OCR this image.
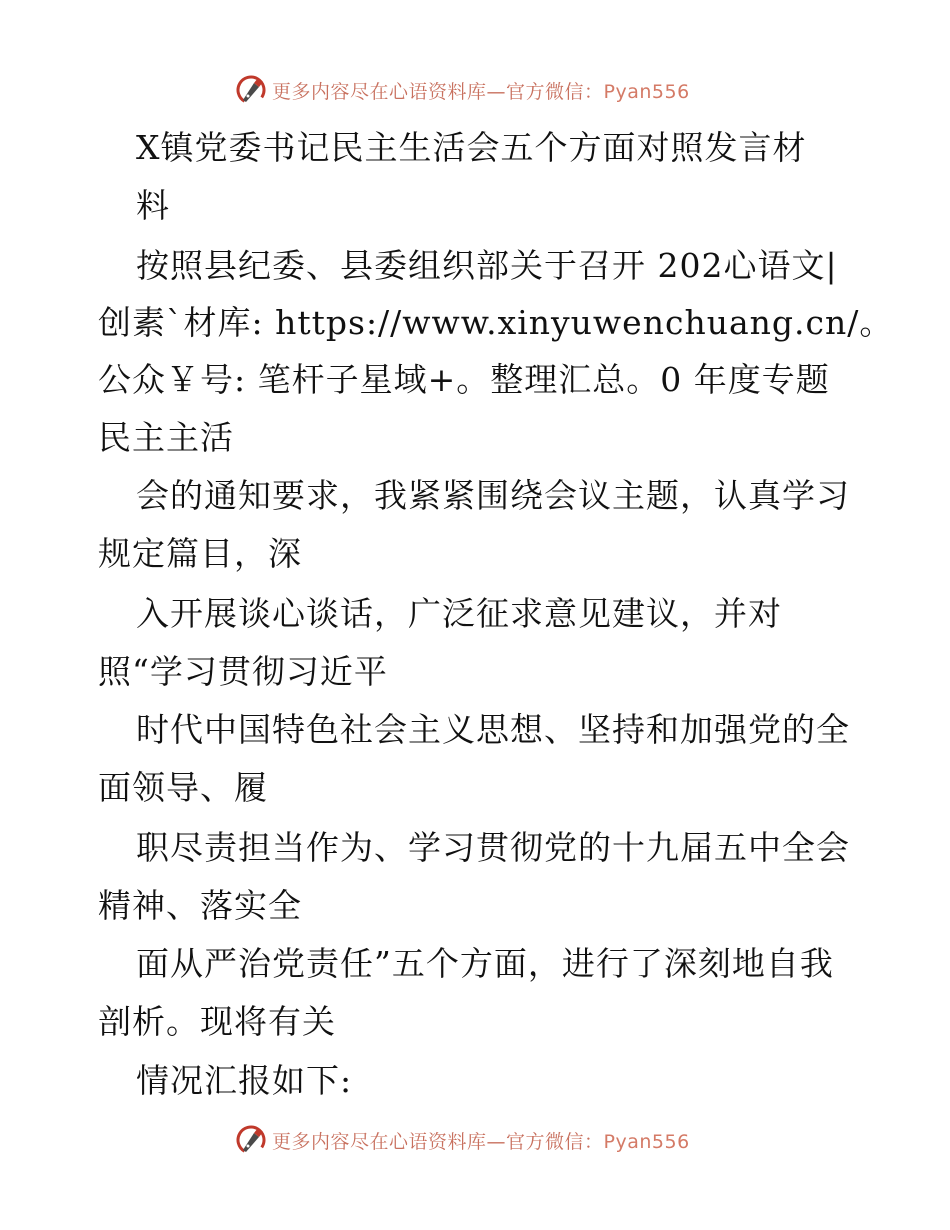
更多内容尽在心语资料库—官方微信：Pyan556
X镇党委书记民主生活会五个方面对照发言材
料
按照县纪委、县委组织部关于召开 202心语文|
创素`材库: https://www.xinyuwenchuang.cn/。
公众￥号: 笔杆子星域+。整理汇总。0 年度专题
民主主活
会的通知要求，我紧紧围绕会议主题，认真学习
规定篇目，深
入开展谈心谈话，广泛征求意见建议，并对
照“学习贯彻习近平
时代中国特色社会主义思想、坚持和加强党的全
面领导、履
职尽责担当作为、学习贯彻党的十九届五中全会
精神、落实全
面从严治党责任”五个方面，进行了深刻地自我
剖析。现将有关
情况汇报如下:
更多内容尽在心语资料库—官方微信：Pyan556
